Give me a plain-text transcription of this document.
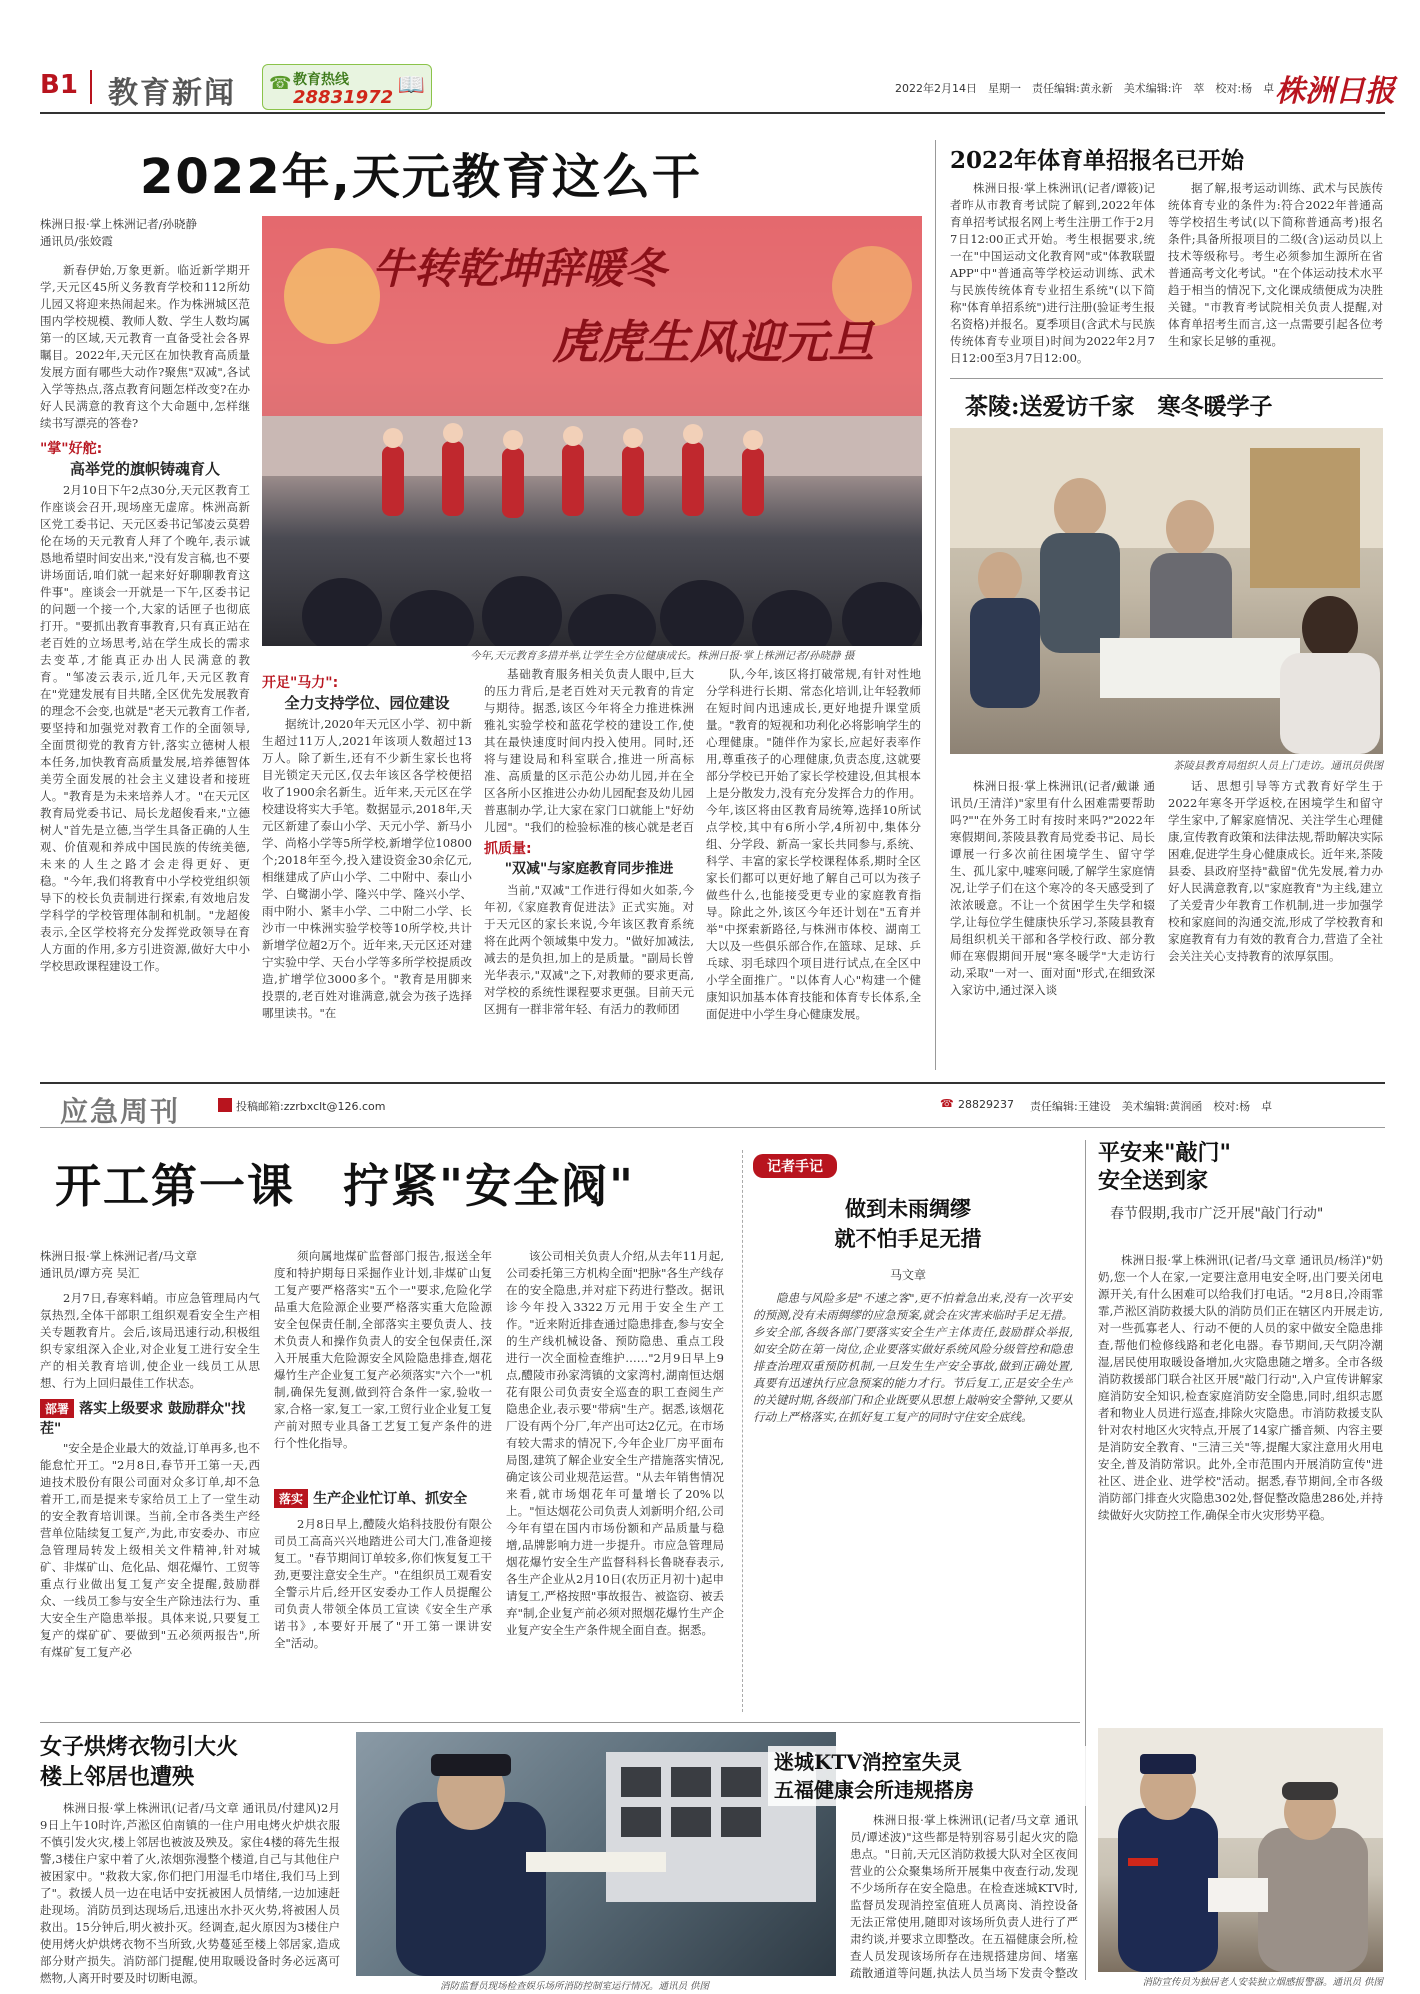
B1 教育新闻 ☎ 教育热线
28831972 📖	2022年2月14日　星期一　责任编辑:黄永新　美术编辑:许　萃　校对:杨　卓 株洲日报
2022年,天元教育这么干
株洲日报·掌上株洲记者/孙晓静
通讯员/张姣霞

新春伊始,万象更新。临近新学期开学,天元区45所义务教育学校和112所幼儿园又将迎来热闹起来。作为株洲城区范围内学校规模、教师人数、学生人数均属第一的区域,天元教育一直备受社会各界瞩目。2022年,天元区在加快教育高质量发展方面有哪些大动作?聚焦"双减",各试入学等热点,落点教育问题怎样改变?在办好人民满意的教育这个大命题中,怎样继续书写漂亮的答卷?

"掌"好舵:
高举党的旗帜铸魂育人

2月10日下午2点30分,天元区教育工作座谈会召开,现场座无虚席。株洲高新区党工委书记、天元区委书记邹凌云莫碧伦在场的天元教育人拜了个晚年,表示诚恳地希望时间安出来,"没有发言稿,也不要讲场面话,咱们就一起来好好聊聊教育这件事"。座谈会一开就是一下午,区委书记的问题一个接一个,大家的话匣子也彻底打开。"要抓出教育事教育,只有真正站在老百姓的立场思考,站在学生成长的需求去变革,才能真正办出人民满意的教育。"邹凌云表示,近几年,天元区教育在"党建发展有目共睹,全区优先发展教育的理念不会变,也就是"老天元教育工作者,要坚持和加强党对教育工作的全面领导,全面贯彻党的教育方针,落实立德树人根本任务,加快教育高质量发展,培养德智体美劳全面发展的社会主义建设者和接班人。"教育是为未来培养人才。"在天元区教育局党委书记、局长龙超俊看来,"立德树人"首先是立德,当学生具备正确的人生观、价值观和养成中国民族的传统美德,未来的人生之路才会走得更好、更稳。"今年,我们将教育中小学校党组织领导下的校长负责制进行探索,有效地启发学科学的学校管理体制和机制。"龙超俊表示,全区学校将充分发挥党政领导在育人方面的作用,多方引进资源,做好大中小学校思政课程建设工作。

牛转乾坤辞暖冬
虎虎生风迎元旦
今年,天元教育多措并举,让学生全方位健康成长。株洲日报·掌上株洲记者/孙晓静 摄
开足"马力":
全力支持学位、园位建设

据统计,2020年天元区小学、初中新生超过11万人,2021年该项人数超过13万人。除了新生,还有不少新生家长也将目光锁定天元区,仅去年该区各学校便招收了1900余名新生。近年来,天元区在学校建设将实大手笔。数据显示,2018年,天元区新建了泰山小学、天元小学、新马小学、尚格小学等5所学校,新增学位10800个;2018年至今,投入建设资金30余亿元,相继建成了庐山小学、二中附中、泰山小学、白鹭湖小学、隆兴中学、隆兴小学、雨中附小、紧丰小学、二中附二小学、长沙市一中株洲实验学校等10所学校,共计新增学位超2万个。近年来,天元区还对建宁实验中学、天台小学等多所学校提质改造,扩增学位3000多个。"教育是用脚来投票的,老百姓对谁满意,就会为孩子选择哪里读书。"在

基础教育服务相关负责人眼中,巨大的压力背后,是老百姓对天元教育的肯定与期待。据悉,该区今年将全力推进株洲雅礼实验学校和蓝花学校的建设工作,使其在最快速度时间内投入使用。同时,还将与建设局和科室联合,推进一所高标准、高质量的区示范公办幼儿园,并在全区各所小区推进公办幼儿园配套及幼儿园普惠制办学,让大家在家门口就能上"好幼儿园"。"我们的检验标准的核心就是老百

抓质量:
"双减"与家庭教育同步推进

当前,"双减"工作进行得如火如荼,今年初,《家庭教育促进法》正式实施。对于天元区的家长来说,今年该区教育系统将在此两个领域集中发力。"做好加减法,减去的是负担,加上的是质量。"副局长曾光华表示,"双减"之下,对教师的要求更高,对学校的系统性课程要求更强。目前天元区拥有一群非常年轻、有活力的教师团

队,今年,该区将打破常规,有针对性地分学科进行长期、常态化培训,让年轻教师在短时间内迅速成长,更好地提升课堂质量。"教育的短视和功利化必将影响学生的心理健康。"随伴作为家长,应起好表率作用,尊重孩子的心理健康,负责态度,这就要部分学校已开始了家长学校建设,但其根本上是分散发力,没有充分发挥合力的作用。今年,该区将由区教育局统筹,选择10所试点学校,其中有6所小学,4所初中,集体分组、分学段、新高一家长共同参与,系统、科学、丰富的家长学校课程体系,期时全区家长们都可以更好地了解自己可以为孩子做些什么,也能接受更专业的家庭教育指导。除此之外,该区今年还计划在"五育并举"中探索新路径,与株洲市体校、湖南工大以及一些俱乐部合作,在篮球、足球、乒乓球、羽毛球四个项目进行试点,在全区中小学全面推广。"以体育人心"构建一个健康知识加基本体育技能和体育专长体系,全面促进中小学生身心健康发展。

2022年体育单招报名已开始

株洲日报·掌上株洲讯(记者/谭筱)记者昨从市教育考试院了解到,2022年体育单招考试报名网上考生注册工作于2月7日12:00正式开始。考生根据要求,统一在"中国运动文化教育网"或"体教联盟APP"中"普通高等学校运动训练、武术与民族传统体育专业招生系统"(以下简称"体育单招系统")进行注册(验证考生报名资格)并报名。夏季项目(含武术与民族传统体育专业项目)时间为2022年2月7日12:00至3月7日12:00。

据了解,报考运动训练、武术与民族传统体育专业的条件为:符合2022年普通高等学校招生考试(以下简称普通高考)报名条件;具备所报项目的二级(含)运动员以上技术等级称号。考生必须参加生源所在省普通高考文化考试。"在个体运动技术水平趋于相当的情况下,文化课成绩便成为决胜关键。"市教育考试院相关负责人提醒,对体育单招考生而言,这一点需要引起各位考生和家长足够的重视。

茶陵:送爱访千家　寒冬暖学子
茶陵县教育局组织人员上门走访。通讯员供图

株洲日报·掌上株洲讯(记者/戴谦 通讯员/王清洋)"家里有什么困难需要帮助吗?""在外务工时有按时来吗?"2022年寒假期间,茶陵县教育局党委书记、局长谭展一行多次前往困境学生、留守学生、孤儿家中,嘘寒问暖,了解学生家庭情况,让学子们在这个寒冷的冬天感受到了浓浓暖意。不让一个贫困学生失学和辍学,让每位学生健康快乐学习,茶陵县教育局组织机关干部和各学校行政、部分教师在寒假期间开展"寒冬暖学"大走访行动,采取"一对一、面对面"形式,在细致深入家访中,通过深入谈

话、思想引导等方式教育好学生于2022年寒冬开学返校,在困境学生和留守学生家中,了解家庭情况、关注学生心理健康,宣传教育政策和法律法规,帮助解决实际困难,促进学生身心健康成长。近年来,茶陵县委、县政府坚持"截留"优先发展,着力办好人民满意教育,以"家庭教育"为主线,建立了关爱青少年教育工作机制,进一步加强学校和家庭间的沟通交流,形成了学校教育和家庭教育有力有效的教育合力,营造了全社会关注关心支持教育的浓厚氛围。

应急周刊	投稿邮箱:zzrbxclt@126.com	☎ 28829237 责任编辑:王建设　美术编辑:黄润函　校对:杨　卓
开工第一课　拧紧"安全阀"
株洲日报·掌上株洲记者/马文章
通讯员/谭方亮 吴汇

2月7日,春寒料峭。市应急管理局内气氛热烈,全体干部职工组织观看安全生产相关专题教育片。会后,该局迅速行动,积极组织专家组深入企业,对企业复工进行安全生产的相关教育培训,使企业一线员工从思想、行为上回归最佳工作状态。

部署 落实上级要求 鼓励群众"找茬"

"安全是企业最大的效益,订单再多,也不能怠忙开工。"2月8日,春节开工第一天,西迪技术股份有限公司面对众多订单,却不急着开工,而是提来专家给员工上了一堂生动的安全教育培训课。当前,全市各类生产经营单位陆续复工复产,为此,市安委办、市应急管理局转发上级相关文件精神,针对城矿、非煤矿山、危化品、烟花爆竹、工贸等重点行业做出复工复产安全提醒,鼓励群众、一线员工参与安全生产除违法行为、重大安全生产隐患举报。具体来说,只要复工复产的煤矿矿、要做到"五必须两报告",所有煤矿复工复产必

须向属地煤矿监督部门报告,报送全年度和特护期每日采掘作业计划,非煤矿山复工复产要严格落实"五个一"要求,危险化学品重大危险源企业要严格落实重大危险源安全包保责任制,全部落实主要负责人、技术负责人和操作负责人的安全包保责任,深入开展重大危险源安全风险隐患排查,烟花爆竹生产企业复工复产必须落实"六个一"机制,确保先复测,做到符合条件一家,验收一家,合格一家,复工一家,工贸行业企业复工复产前对照专业具备工艺复工复产条件的进行个性化指导。

落实 生产企业忙订单、抓安全

2月8日早上,醴陵火焰科技股份有限公司员工高高兴兴地踏进公司大门,准备迎接复工。"春节期间订单较多,你们恢复复工干劲,更要注意安全生产。"在组织员工观看安全警示片后,经开区安委办工作人员提醒公司负责人带领全体员工宣读《安全生产承诺书》,本要好开展了"开工第一课讲安全"活动。

该公司相关负责人介绍,从去年11月起,公司委托第三方机构全面"把脉"各生产线存在的安全隐患,并对症下药进行整改。据讯诊今年投入3322万元用于安全生产工作。"近来附近排查通过隐患排查,参与安全的生产线机械设备、预防隐患、重点工段进行一次全面检查维护……"2月9日早上9点,醴陵市孙家湾镇的文家湾村,湖南恒达烟花有限公司负责安全巡查的职工查阅生产隐患企业,表示要"带病"生产。据悉,该烟花厂设有两个分厂,年产出可达2亿元。在市场有较大需求的情况下,今年企业厂房平面布局图,建筑了解企业安全生产措施落实情况,确定该公司业规范运营。"从去年销售情况来看,就市场烟花年可量增长了20%以上。"恒达烟花公司负责人刘新明介绍,公司今年有望在国内市场份额和产品质量与稳增,品牌影响力进一步提升。市应急管理局烟花爆竹安全生产监督科科长鲁晓春表示,各生产企业从2月10日(农历正月初十)起申请复工,严格按照"事故报告、被盗窃、被丢弃"制,企业复产前必须对照烟花爆竹生产企业复产安全生产条件规全面自查。据悉。

记者手记
做到未雨绸缪
就不怕手足无措
马文章

隐患与风险多是"不速之客",更不怕着急出来,没有一次平安的预测,没有未雨绸缪的应急预案,就会在灾害来临时手足无措。乡安全部,各级各部门要落实安全生产主体责任,鼓励群众举报,如安全防在第一岗位,企业要落实做好系统风险分级管控和隐患排查治理双重预防机制,一旦发生生产安全事故,做到正确处置,真要有迅速执行应急预案的能力才行。节后复工,正是安全生产的关键时期,各级部门和企业既要从思想上敲响安全警钟,又要从行动上严格落实,在抓好复工复产的同时守住安全底线。

平安来"敲门"
安全送到家
春节假期,我市广泛开展"敲门行动"

株洲日报·掌上株洲讯(记者/马文章 通讯员/杨洋)"奶奶,您一个人在家,一定要注意用电安全呀,出门要关闭电源开关,有什么困难可以给我们打电话。"2月8日,冷雨霏霏,芦淞区消防救援大队的消防员们正在辖区内开展走访,对一些孤寡老人、行动不便的人员的家中做安全隐患排查,帮他们检修线路和老化电器。春节期间,天气阴冷潮湿,居民使用取暖设备增加,火灾隐患随之增多。全市各级消防救援部门联合社区开展"敲门行动",入户宣传讲解家庭消防安全知识,检查家庭消防安全隐患,同时,组织志愿者和物业人员进行巡查,排除火灾隐患。市消防救援支队针对农村地区火灾特点,开展了14家广播音频、内容主要是消防安全教育、"三清三关"等,提醒大家注意用火用电安全,普及消防常识。此外,全市范围内开展消防宣传"进社区、进企业、进学校"活动。据悉,春节期间,全市各级消防部门排查火灾隐患302处,督促整改隐患286处,并持续做好火灾防控工作,确保全市火灾形势平稳。

女子烘烤衣物引大火
楼上邻居也遭殃

株洲日报·掌上株洲讯(记者/马文章 通讯员/付建风)2月9日上午10时许,芦淞区伯南镇的一住户用电烤火炉烘衣服不慎引发火灾,楼上邻居也被波及殃及。家住4楼的蒋先生报警,3楼住户家中着了火,浓烟弥漫整个楼道,自己与其他住户被困家中。"救救大家,你们把门用湿毛巾堵住,我们马上到了"。救援人员一边在电话中安抚被困人员情绪,一边加速赶赴现场。消防员到达现场后,迅速出水扑灭火势,将被困人员救出。15分钟后,明火被扑灭。经调查,起火原因为3楼住户使用烤火炉烘烤衣物不当所致,火势蔓延至楼上邻居家,造成部分财产损失。消防部门提醒,使用取暖设备时务必远离可燃物,人离开时要及时切断电源。

消防监督员现场检查娱乐场所消防控制室运行情况。通讯员 供图
迷城KTV消控室失灵
五福健康会所违规搭房

株洲日报·掌上株洲讯(记者/马文章 通讯员/谭述波)"这些都是特别容易引起火灾的隐患点。"日前,天元区消防救援大队对全区夜间营业的公众聚集场所开展集中夜查行动,发现不少场所存在安全隐患。在检查迷城KTV时,监督员发现消控室值班人员离岗、消控设备无法正常使用,随即对该场所负责人进行了严肃约谈,并要求立即整改。在五福健康会所,检查人员发现该场所存在违规搭建房间、堵塞疏散通道等问题,执法人员当场下发责令整改

消防宣传员为独居老人安装独立烟感报警器。通讯员 供图
